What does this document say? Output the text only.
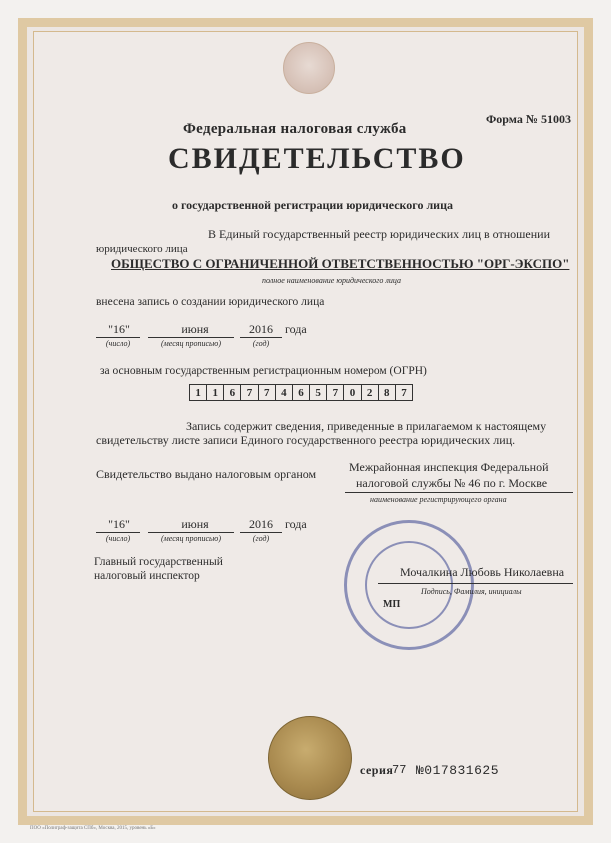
Форма № 51003
Федеральная налоговая служба
СВИДЕТЕЛЬСТВО
о государственной регистрации юридического лица
В Единый государственный реестр юридических лиц в отношении
юридического лица
ОБЩЕСТВО С ОГРАНИЧЕННОЙ ОТВЕТСТВЕННОСТЬЮ "ОРГ-ЭКСПО"
полное наименование юридического лица
внесена запись о создании юридического лица
"16"
(число)
июня
(месяц прописью)
2016
(год)
года
за основным государственным регистрационным номером (ОГРН)
1	1	6	7	7	4	6	5	7	0	2	8	7
Запись содержит сведения, приведенные в прилагаемом к настоящему
свидетельству листе записи Единого государственного реестра юридических лиц.
Свидетельство выдано налоговым органом	Межрайонная инспекция Федеральной
налоговой службы № 46 по г. Москве
наименование регистрирующего органа
"16"
(число)
июня
(месяц прописью)
2016
(год)
года
Главный государственный
налоговый инспектор	Мочалкина Любовь Николаевна
Подпись, Фамилия, инициалы
МП
серия
77 №017831625
ПОО «Полиграф-защита СПб», Москва, 2015, уровень «Б»
